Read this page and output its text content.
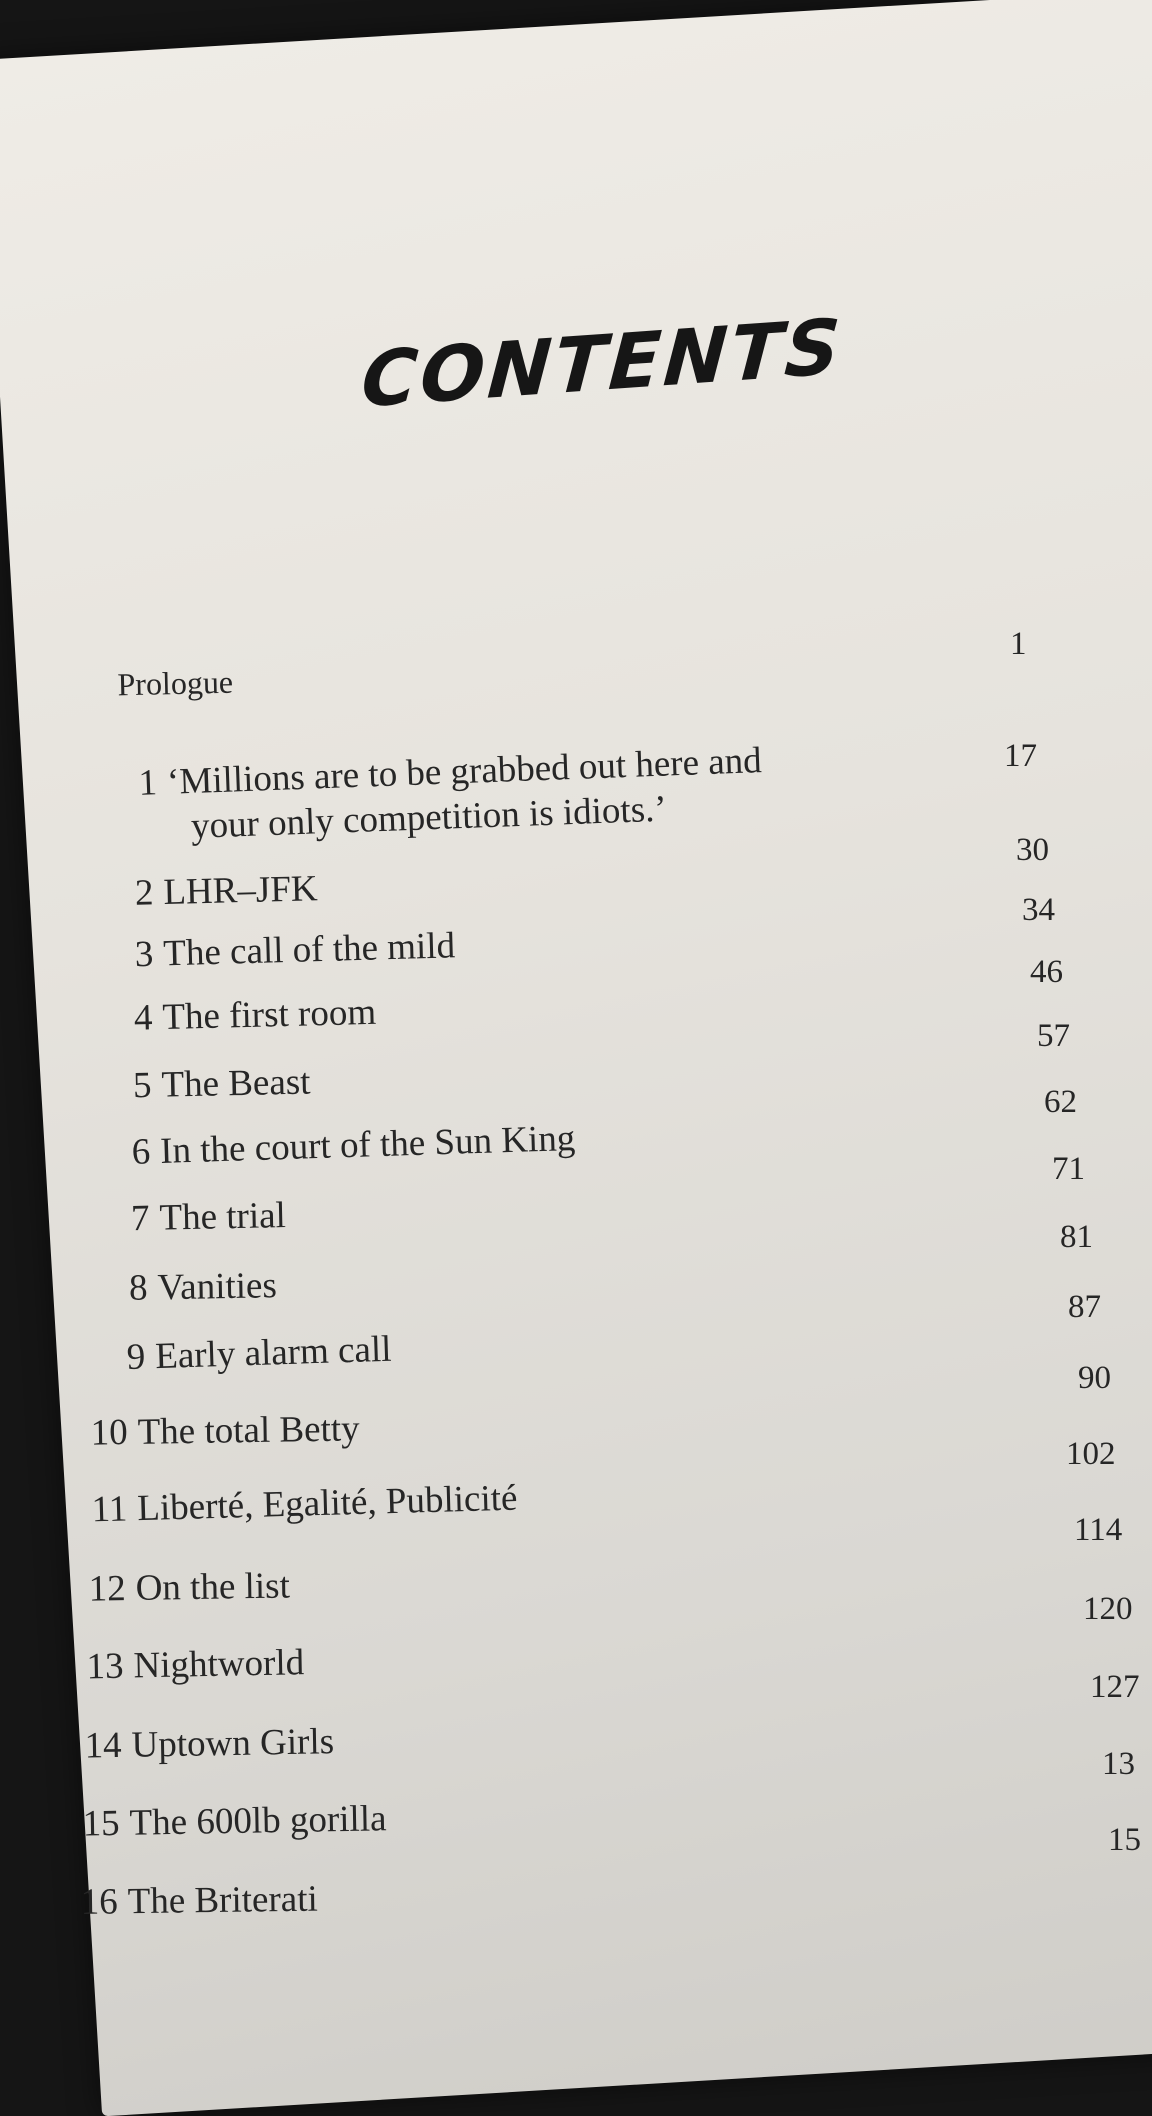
CONTENTS
Prologue
1
1 ‘Millions are to be grabbed out here and
your only competition is idiots.’
2 LHR–JFK
30
3 The call of the mild
34
4 The first room
46
5 The Beast
57
6 In the court of the Sun King
62
7 The trial
71
8 Vanities
81
9 Early alarm call
87
10 The total Betty
90
11 Liberté, Egalité, Publicité
102
12 On the list
114
13 Nightworld
120
14 Uptown Girls
127
15 The 600lb gorilla
13
16 The Briterati
15
17
